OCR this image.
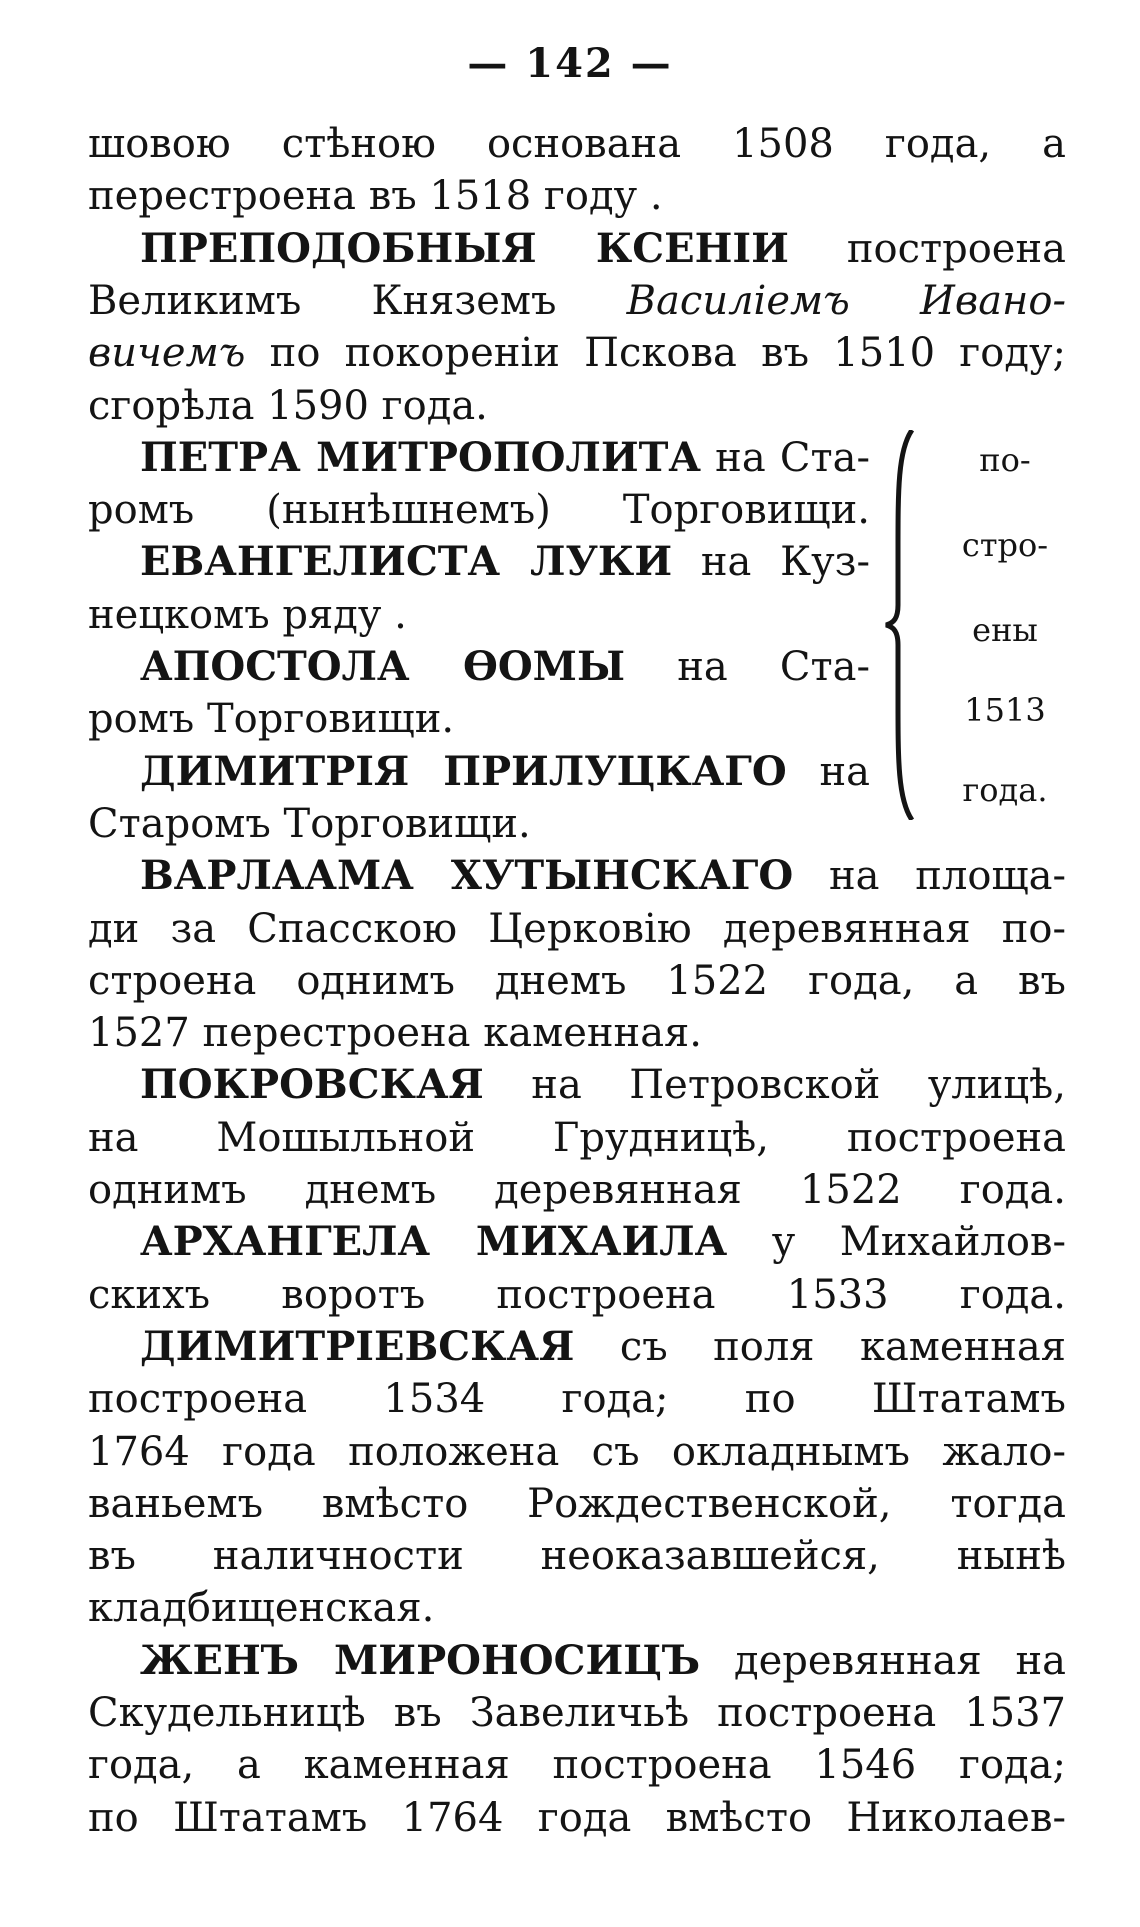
— 142 —
шовою стѣною основана 1508 года, а
перестроена въ 1518 году .
ПРЕПОДОБНЫЯ КСЕНІИ построена
Великимъ Княземъ Василіемъ Ивано-
вичемъ по покореніи Пскова въ 1510 году;
сгорѣла 1590 года.
ПЕТРА МИТРОПОЛИТА на Ста-
ромъ (нынѣшнемъ) Торговищи.
ЕВАНГЕЛИСТА ЛУКИ на Куз-
нецкомъ ряду .
АПОСТОЛА ѲОМЫ на Ста-
ромъ Торговищи.
ДИМИТРІЯ ПРИЛУЦКАГО на
Старомъ Торговищи.
ВАРЛААМА ХУТЫНСКАГО на площа-
ди за Спасскою Церковію деревянная по-
строена однимъ днемъ 1522 года, а въ
1527 перестроена каменная.
ПОКРОВСКАЯ на Петровской улицѣ,
на Мошыльной Грудницѣ, построена
однимъ днемъ деревянная 1522 года.
АРХАНГЕЛА МИХАИЛА у Михайлов-
скихъ воротъ построена 1533 года.
ДИМИТРІЕВСКАЯ съ поля каменная
построена 1534 года; по Штатамъ
1764 года положена съ окладнымъ жало-
ваньемъ вмѣсто Рождественской, тогда
въ наличности неоказавшейся, нынѣ
кладбищенская.
ЖЕНЪ МИРОНОСИЦЪ деревянная на
Скудельницѣ въ Завеличьѣ построена 1537
года, а каменная построена 1546 года;
по Штатамъ 1764 года вмѣсто Николаев-
по-
стро-
ены
1513
года.
